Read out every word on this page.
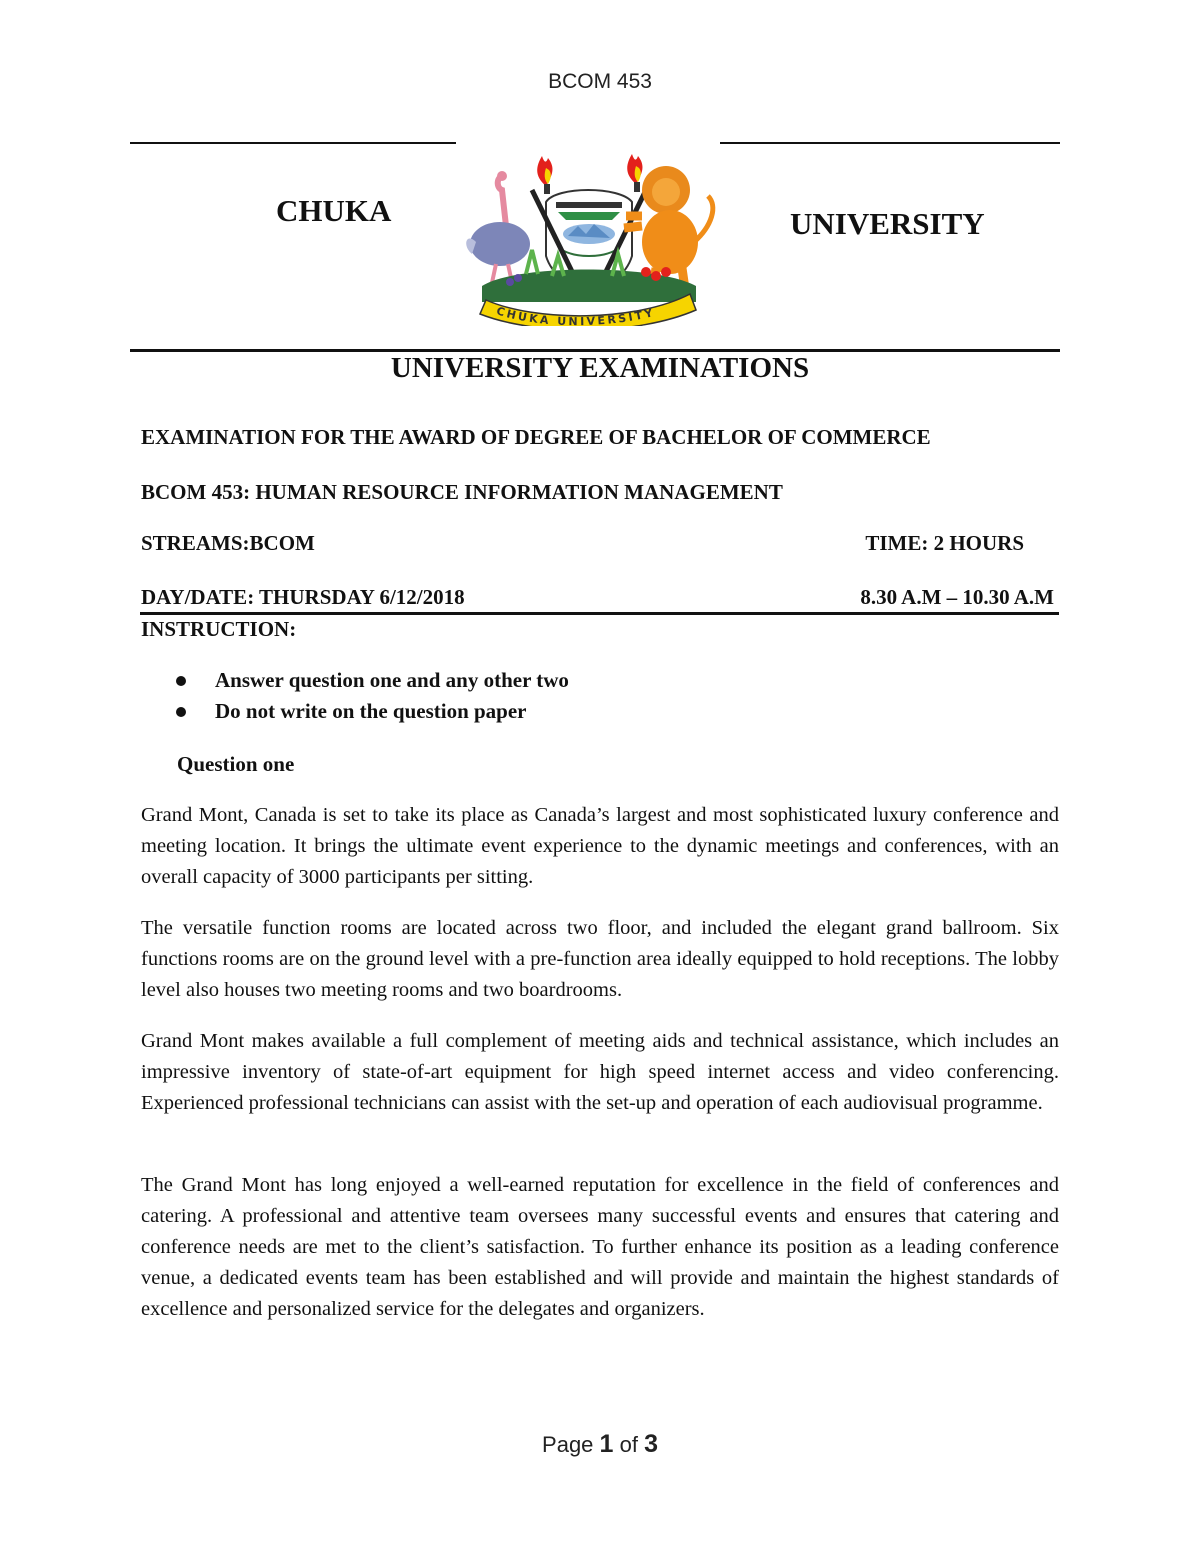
BCOM 453
CHUKA	UNIVERSITY
CHUKA UNIVERSITY
UNIVERSITY EXAMINATIONS
EXAMINATION FOR THE AWARD OF DEGREE OF BACHELOR OF COMMERCE
BCOM 453: HUMAN RESOURCE INFORMATION MANAGEMENT
STREAMS:BCOM	TIME: 2 HOURS
DAY/DATE: THURSDAY 6/12/2018	8.30 A.M – 10.30 A.M
INSTRUCTION:
Answer question one and any other two
Do not write on the question paper
Question one

Grand Mont, Canada is set to take its place as Canada’s largest and most sophisticated luxury conference and meeting location. It brings the ultimate event experience to the dynamic meetings and conferences, with an overall capacity of 3000 participants per sitting.

The versatile function rooms are located across two floor, and included the elegant grand ballroom. Six functions rooms are on the ground level with a pre-function area ideally equipped to hold receptions. The lobby level also houses two meeting rooms and two boardrooms.

Grand Mont makes available a full complement of meeting aids and technical assistance, which includes an impressive inventory of state-of-art equipment for high speed internet access and video conferencing. Experienced professional technicians can assist with the set-up and operation of each audiovisual programme.

The Grand Mont has long enjoyed a well-earned reputation for excellence in the field of conferences and catering. A professional and attentive team oversees many successful events and ensures that catering and conference needs are met to the client’s satisfaction. To further enhance its position as a leading conference venue, a dedicated events team has been established and will provide and maintain the highest standards of excellence and personalized service for the delegates and organizers.

Page 1 of 3
